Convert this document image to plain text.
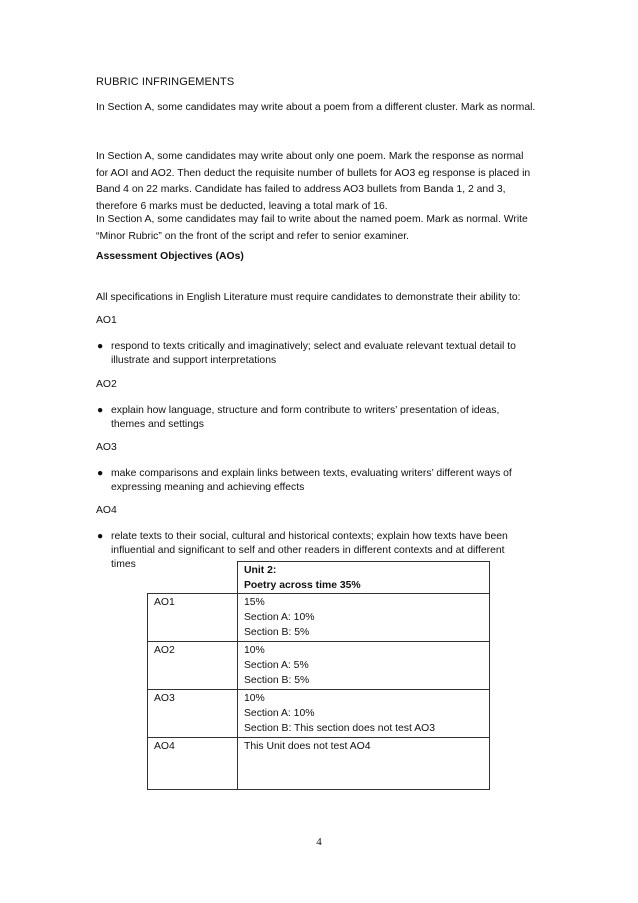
RUBRIC INFRINGEMENTS
In Section A, some candidates may write about a poem from a different cluster. Mark as normal.
In Section A, some candidates may write about only one poem. Mark the response as normal for AOI and AO2. Then deduct the requisite number of bullets for AO3 eg response is placed in Band 4 on 22 marks. Candidate has failed to address AO3 bullets from Banda 1, 2 and 3, therefore 6 marks must be deducted, leaving a total mark of 16.
In Section A, some candidates may fail to write about the named poem. Mark as normal. Write “Minor Rubric” on the front of the script and refer to senior examiner.
Assessment Objectives (AOs)
All specifications in English Literature must require candidates to demonstrate their ability to:
AO1
● respond to texts critically and imaginatively; select and evaluate relevant textual detail to illustrate and support interpretations
AO2
● explain how language, structure and form contribute to writers’ presentation of ideas, themes and settings
AO3
● make comparisons and explain links between texts, evaluating writers’ different ways of expressing meaning and achieving effects
AO4
● relate texts to their social, cultural and historical contexts; explain how texts have been influential and significant to self and other readers in different contexts and at different times

	Unit 2:
Poetry across time 35%

AO1	15%
Section A: 10%
Section B: 5%

AO2	10%
Section A: 5%
Section B: 5%

AO3	10%
Section A: 10%
Section B: This section does not test AO3

AO4	This Unit does not test AO4
4
